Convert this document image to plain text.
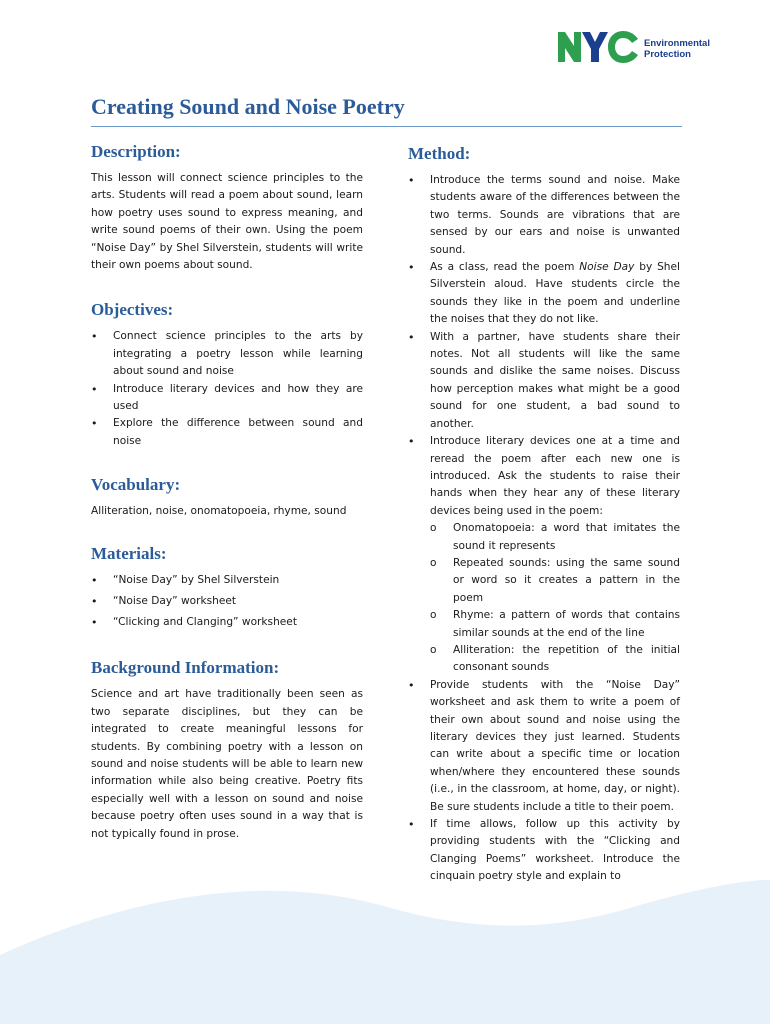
Environmental
Protection
Creating Sound and Noise Poetry
Description:

This lesson will connect science principles to the arts. Students will read a poem about sound, learn how poetry uses sound to express meaning, and write sound poems of their own. Using the poem “Noise Day” by Shel Silverstein, students will write their own poems about sound.

Objectives:
• Connect science principles to the arts by integrating a poetry lesson while learning about sound and noise
• Introduce literary devices and how they are used
• Explore the difference between sound and noise
Vocabulary:

Alliteration, noise, onomatopoeia, rhyme, sound

Materials:
• “Noise Day” by Shel Silverstein
• “Noise Day” worksheet
• “Clicking and Clanging” worksheet
Background Information:

Science and art have traditionally been seen as two separate disciplines, but they can be integrated to create meaningful lessons for students. By combining poetry with a lesson on sound and noise students will be able to learn new information while also being creative. Poetry fits especially well with a lesson on sound and noise because poetry often uses sound in a way that is not typically found in prose.

Method:
• Introduce the terms sound and noise. Make students aware of the differences between the two terms. Sounds are vibrations that are sensed by our ears and noise is unwanted sound.
• As a class, read the poem Noise Day by Shel Silverstein aloud. Have students circle the sounds they like in the poem and underline the noises that they do not like.
• With a partner, have students share their notes. Not all students will like the same sounds and dislike the same noises. Discuss how perception makes what might be a good sound for one student, a bad sound to another.
• Introduce literary devices one at a time and reread the poem after each new one is introduced. Ask the students to raise their hands when they hear any of these literary devices being used in the poem:
o Onomatopoeia: a word that imitates the sound it represents
o Repeated sounds: using the same sound or word so it creates a pattern in the poem
o Rhyme: a pattern of words that contains similar sounds at the end of the line
o Alliteration: the repetition of the initial consonant sounds
• Provide students with the “Noise Day” worksheet and ask them to write a poem of their own about sound and noise using the literary devices they just learned. Students can write about a specific time or location when/where they encountered these sounds (i.e., in the classroom, at home, day, or night). Be sure students include a title to their poem.
• If time allows, follow up this activity by providing students with the “Clicking and Clanging Poems” worksheet. Introduce the cinquain poetry style and explain to
